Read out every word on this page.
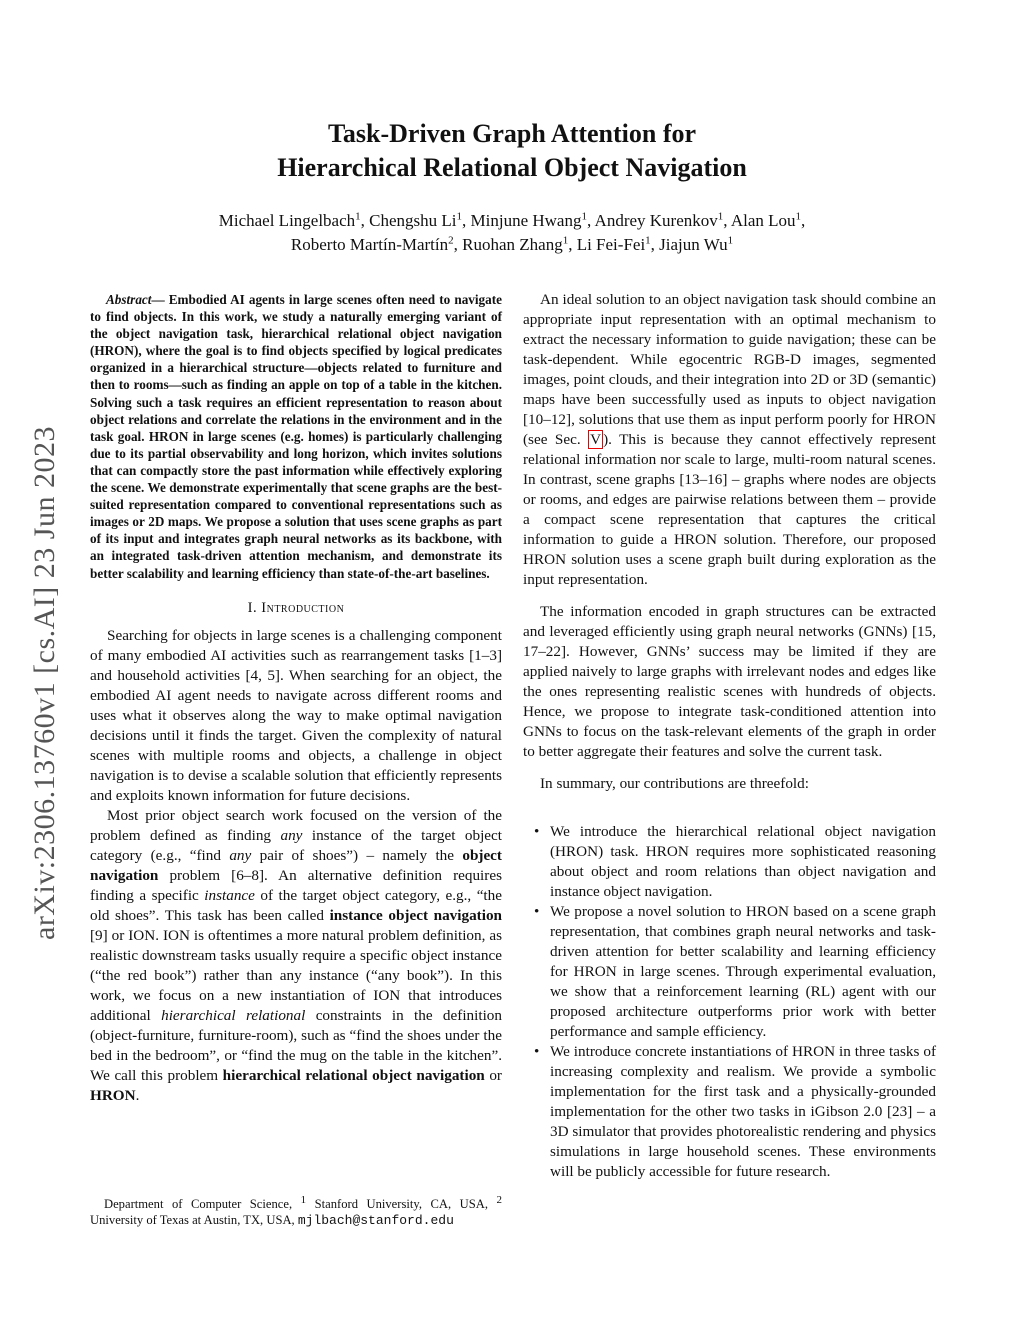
arXiv:2306.13760v1 [cs.AI] 23 Jun 2023
Task-Driven Graph Attention for
Hierarchical Relational Object Navigation
Michael Lingelbach$^1$, Chengshu Li$^1$, Minjune Hwang$^1$, Andrey Kurenkov$^1$, Alan Lou$^1$,
Roberto Martín-Martín$^2$, Ruohan Zhang$^1$, Li Fei-Fei$^1$, Jiajun Wu$^1$

Abstract— Embodied AI agents in large scenes often need to navigate to find objects. In this work, we study a naturally emerging variant of the object navigation task, hierarchical relational object navigation (HRON), where the goal is to find objects specified by logical predicates organized in a hierarchical structure—objects related to furniture and then to rooms—such as finding an apple on top of a table in the kitchen. Solving such a task requires an efficient representation to reason about object relations and correlate the relations in the environment and in the task goal. HRON in large scenes (e.g. homes) is particularly challenging due to its partial observability and long horizon, which invites solutions that can compactly store the past information while effectively exploring the scene. We demonstrate experimentally that scene graphs are the best-suited representation compared to conventional representations such as images or 2D maps. We propose a solution that uses scene graphs as part of its input and integrates graph neural networks as its backbone, with an integrated task-driven attention mechanism, and demonstrate its better scalability and learning efficiency than state-of-the-art baselines.

I. Introduction

Searching for objects in large scenes is a challenging component of many embodied AI activities such as rearrangement tasks [1–3] and household activities [4, 5]. When searching for an object, the embodied AI agent needs to navigate across different rooms and uses what it observes along the way to make optimal navigation decisions until it finds the target. Given the complexity of natural scenes with multiple rooms and objects, a challenge in object navigation is to devise a scalable solution that efficiently represents and exploits known information for future decisions.

Most prior object search work focused on the version of the problem defined as finding any instance of the target object category (e.g., “find any pair of shoes”) – namely the object navigation problem [6–8]. An alternative definition requires finding a specific instance of the target object category, e.g., “the old shoes”. This task has been called instance object navigation [9] or ION. ION is oftentimes a more natural problem definition, as realistic downstream tasks usually require a specific object instance (“the red book”) rather than any instance (“any book”). In this work, we focus on a new instantiation of ION that introduces additional hierarchical relational constraints in the definition (object-furniture, furniture-room), such as “find the shoes under the bed in the bedroom”, or “find the mug on the table in the kitchen”. We call this problem hierarchical relational object navigation or HRON.

Department of Computer Science, $^1$ Stanford University, CA, USA, $^2$ University of Texas at Austin, TX, USA, mjlbach@stanford.edu

An ideal solution to an object navigation task should combine an appropriate input representation with an optimal mechanism to extract the necessary information to guide navigation; these can be task-dependent. While egocentric RGB-D images, segmented images, point clouds, and their integration into 2D or 3D (semantic) maps have been successfully used as inputs to object navigation [10–12], solutions that use them as input perform poorly for HRON (see Sec. V ). This is because they cannot effectively represent relational information nor scale to large, multi-room natural scenes. In contrast, scene graphs [13–16] – graphs where nodes are objects or rooms, and edges are pairwise relations between them – provide a compact scene representation that captures the critical information to guide a HRON solution. Therefore, our proposed HRON solution uses a scene graph built during exploration as the input representation.

The information encoded in graph structures can be extracted and leveraged efficiently using graph neural networks (GNNs) [15, 17–22]. However, GNNs’ success may be limited if they are applied naively to large graphs with irrelevant nodes and edges like the ones representing realistic scenes with hundreds of objects. Hence, we propose to integrate task-conditioned attention into GNNs to focus on the task-relevant elements of the graph in order to better aggregate their features and solve the current task.

In summary, our contributions are threefold:

• We introduce the hierarchical relational object navigation (HRON) task. HRON requires more sophisticated reasoning about object and room relations than object navigation and instance object navigation.
• We propose a novel solution to HRON based on a scene graph representation, that combines graph neural networks and task-driven attention for better scalability and learning efficiency for HRON in large scenes. Through experimental evaluation, we show that a reinforcement learning (RL) agent with our proposed architecture outperforms prior work with better performance and sample efficiency.
• We introduce concrete instantiations of HRON in three tasks of increasing complexity and realism. We provide a symbolic implementation for the first task and a physically-grounded implementation for the other two tasks in iGibson 2.0 [23] – a 3D simulator that provides photorealistic rendering and physics simulations in large household scenes. These environments will be publicly accessible for future research.
